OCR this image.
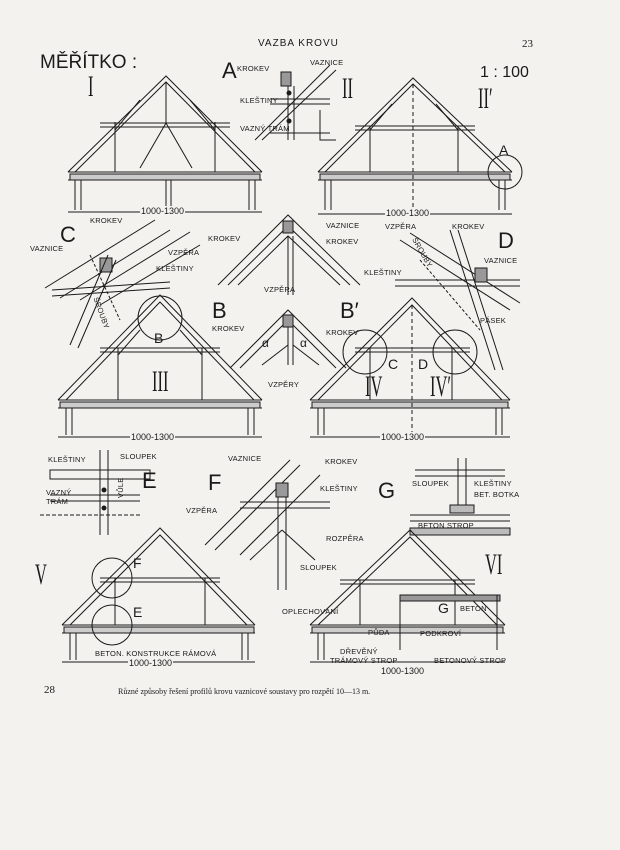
VAZBA KROVU	23
MĚŘÍTKO :	1 : 100
I	II	II′
III	IV IV′
V	VI
A
C	D
B	B′
E F	G
B
C D
A
F
E	G
1000-1300	1000-1300
1000-1300	1000-1300
1000-1300
1000-1300
KROKEV
VAZNICE
KLEŠTINY
VAZNÝ TRÁM
KROKEV
VAZNICE	VZPĚRA
KLEŠTINY
ŠROUBY
VAZNICE
KROKEV	KROKEV
VZPĚRA
KROKEV	KROKEV
α	α
VZPĚRY
VZPĚRA	KROKEV
ŠROUBY	VAZNICE
KLEŠTINY
PÁSEK
KLEŠTINY	SLOUPEK
VAZNÝ
TRÁM
VŮLE
VAZNICE	KROKEV
KLEŠTINY
VZPĚRA
ROZPĚRA
SLOUPEK
SLOUPEK	KLEŠTINY
BET. BOTKA
BETON STROP
OPLECHOVÁNÍ	BETON
PŮDA	PODKROVÍ
DŘEVĚNÝ
TRÁMOVÝ STROP	BETONOVÝ STROP
BETON. KONSTRUKCE RÁMOVÁ
28	Různé způsoby řešení profilů krovu vaznicové soustavy pro rozpětí 10—13 m.
